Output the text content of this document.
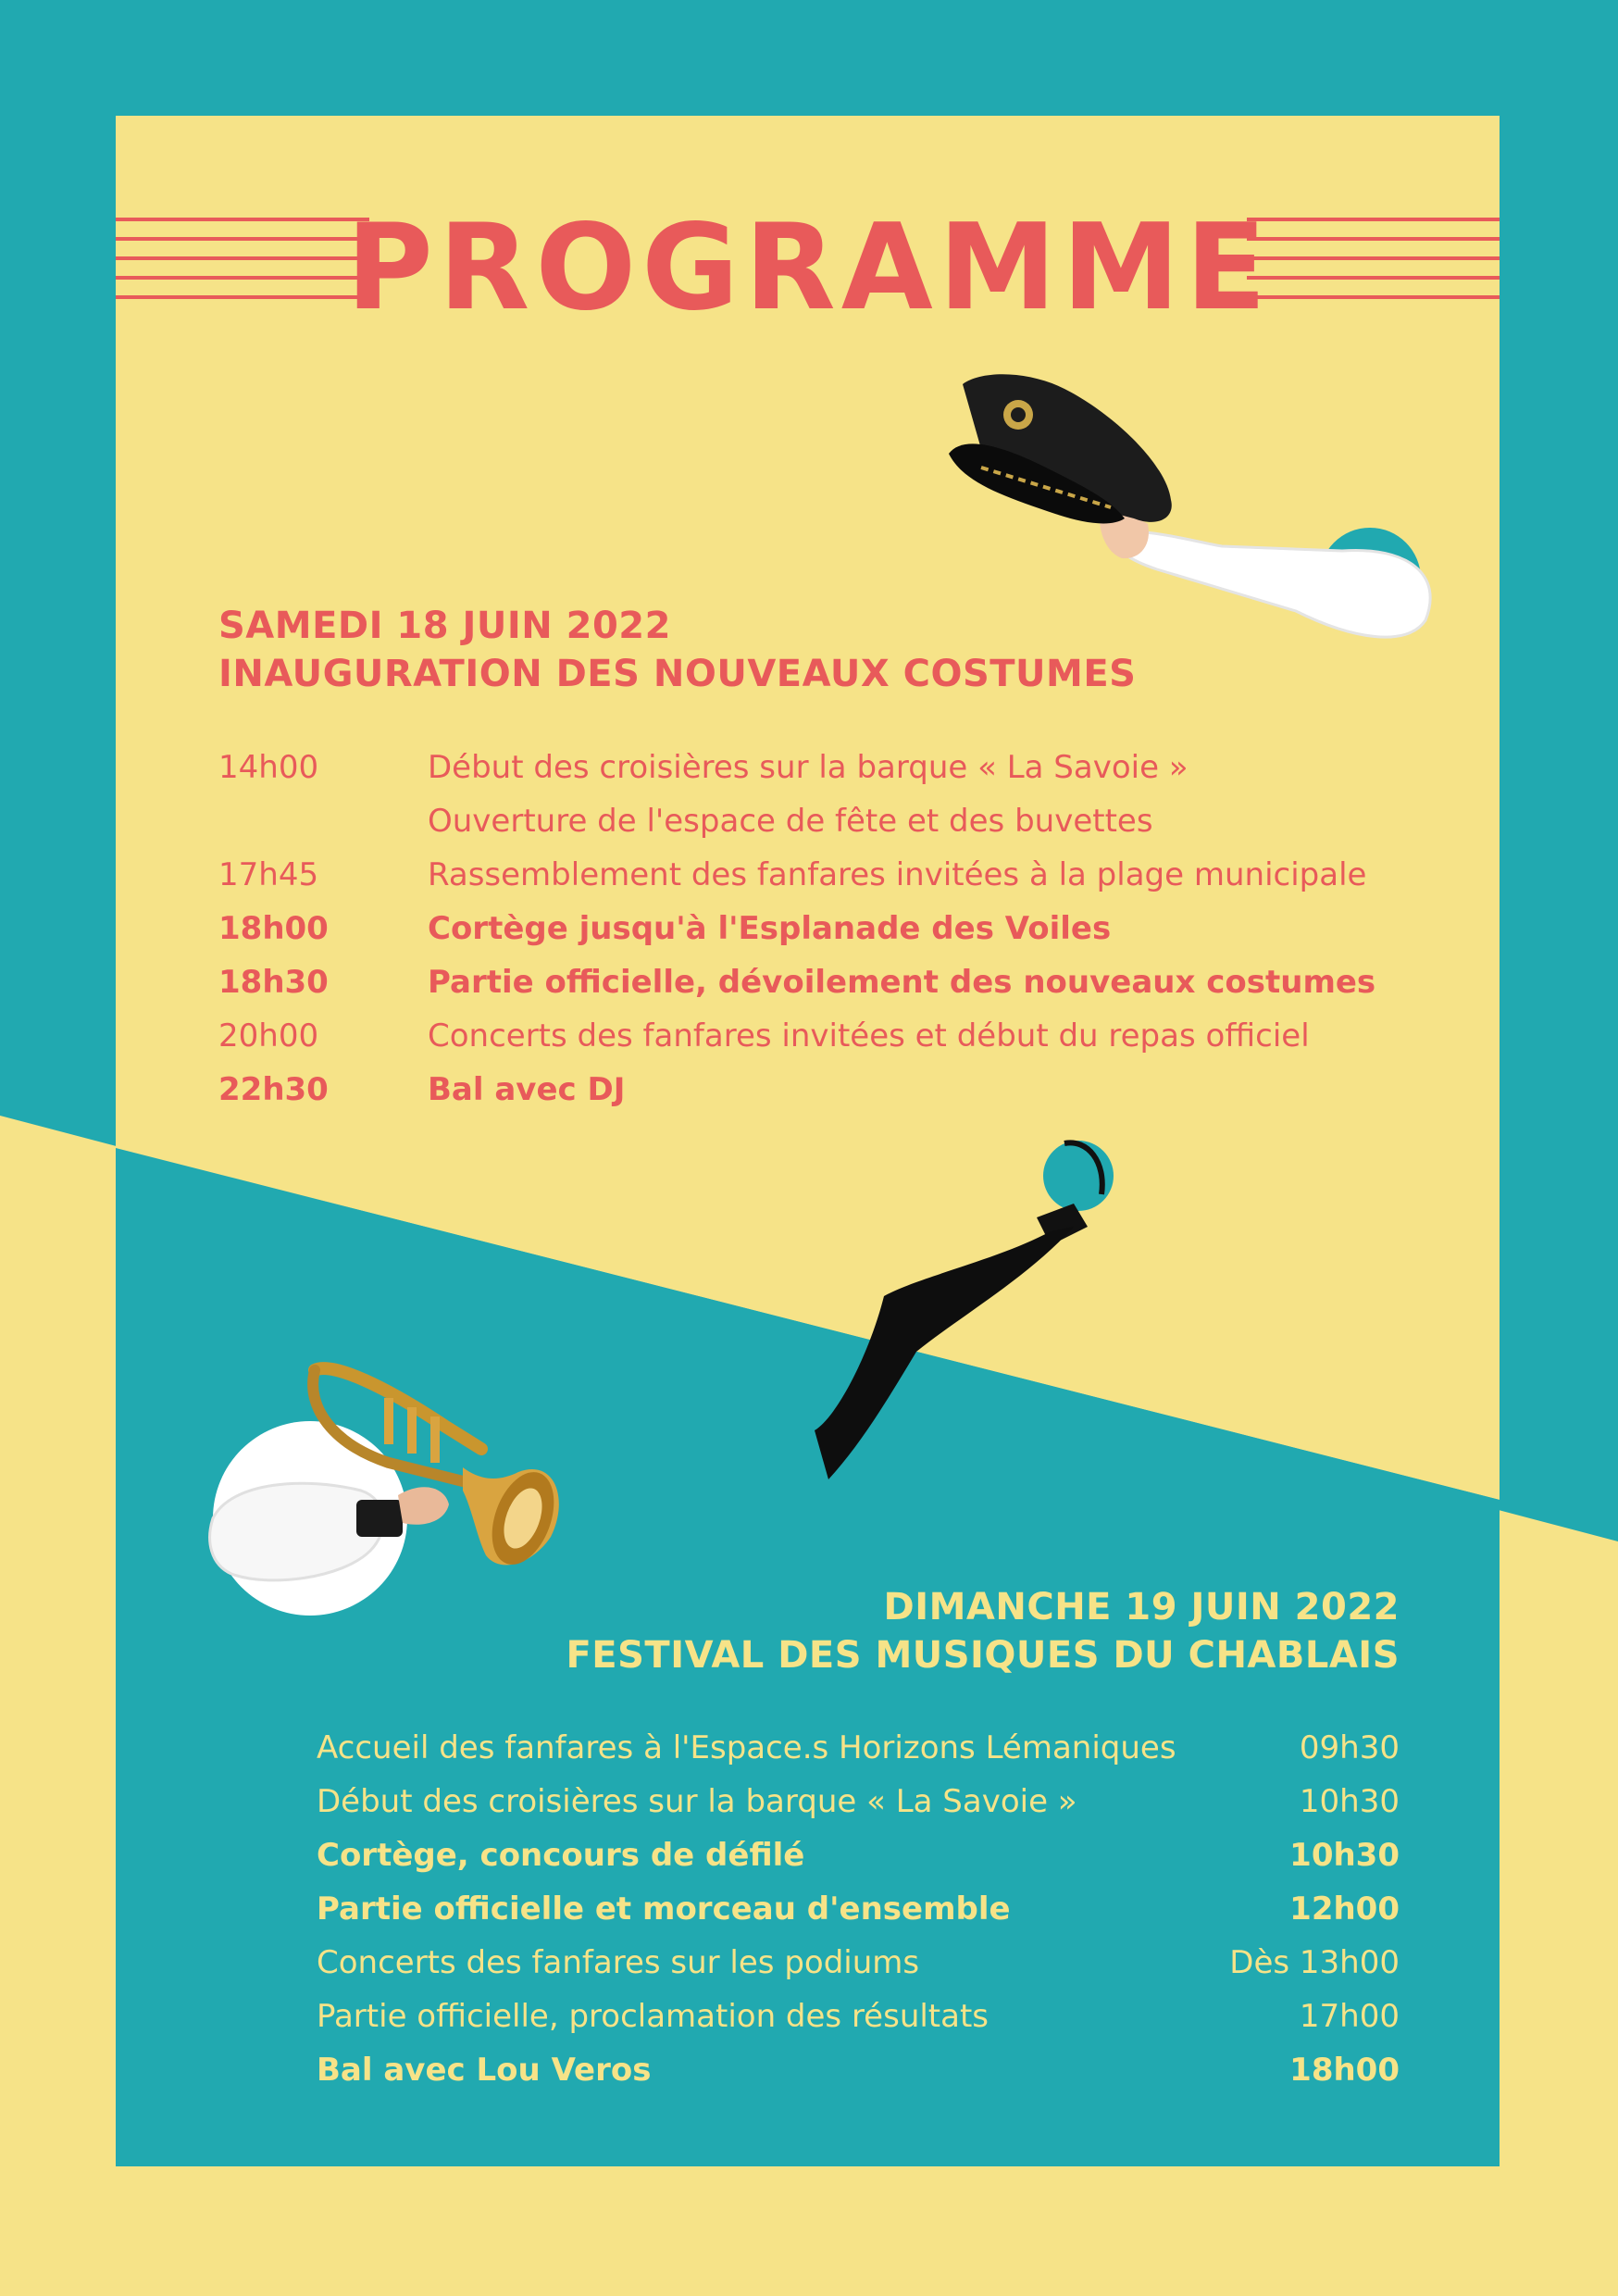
PROGRAMME
SAMEDI 18 JUIN 2022
INAUGURATION DES NOUVEAUX COSTUMES
14h00	Début des croisières sur la barque « La Savoie »
Ouverture de l'espace de fête et des buvettes
17h45	Rassemblement des fanfares invitées à la plage municipale
18h00	Cortège jusqu'à l'Esplanade des Voiles
18h30	Partie officielle, dévoilement des nouveaux costumes
20h00	Concerts des fanfares invitées et début du repas officiel
22h30	Bal avec DJ
DIMANCHE 19 JUIN 2022
FESTIVAL DES MUSIQUES DU CHABLAIS
Accueil des fanfares à l'Espace.s Horizons Lémaniques	09h30
Début des croisières sur la barque « La Savoie »	10h30
Cortège, concours de défilé	10h30
Partie officielle et morceau d'ensemble	12h00
Concerts des fanfares sur les podiums	Dès 13h00
Partie officielle, proclamation des résultats	17h00
Bal avec Lou Veros	18h00
